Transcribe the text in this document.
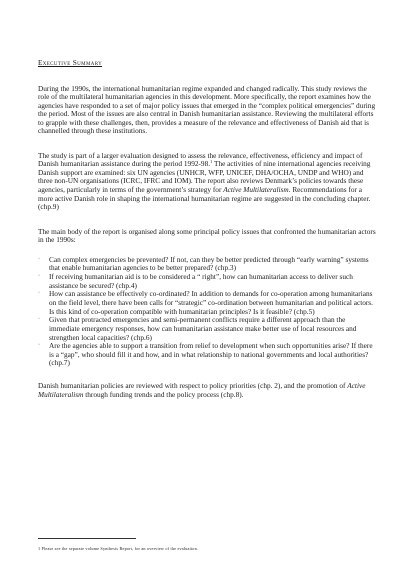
Executive Summary

During the 1990s, the international humanitarian regime expanded and changed radically. This study reviews the role of the multilateral humanitarian agencies in this development. More specifically, the report examines how the agencies have responded to a set of major policy issues that emerged in the “complex political emergencies” during the period. Most of the issues are also central in Danish humanitarian assistance. Reviewing the multilateral efforts to grapple with these challenges, then, provides a measure of the relevance and effectiveness of Danish aid that is channelled through these institutions.

The study is part of a larger evaluation designed to assess the relevance, effectiveness, efficiency and impact of Danish humanitarian assistance during the period 1992-98.$^1$ The activities of nine international agencies receiving Danish support are examined: six UN agencies (UNHCR, WFP, UNICEF, DHA/OCHA, UNDP and WHO) and three non-UN organisations (ICRC, IFRC and IOM). The report also reviews Denmark’s policies towards these agencies, particularly in terms of the government’s strategy for Active Multilateralism. Recommendations for a more active Danish role in shaping the international humanitarian regime are suggested in the concluding chapter. (chp.9)

The main body of the report is organised along some principal policy issues that confronted the humanitarian actors in the 1990s:

· Can complex emergencies be prevented? If not, can they be better predicted through “early warning” systems that enable humanitarian agencies to be better prepared? (chp.3)
· If receiving humanitarian aid is to be considered a “ right”, how can humanitarian access to deliver such assistance be secured? (chp.4)
· How can assistance be effectively co-ordinated? In addition to demands for co-operation among humanitarians on the field level, there have been calls for “strategic” co-ordination between humanitarian and political actors. Is this kind of co-operation compatible with humanitarian principles? Is it feasible? (chp.5)
· Given that protracted emergencies and semi-permanent conflicts require a different approach than the immediate emergency responses, how can humanitarian assistance make better use of local resources and strengthen local capacities? (chp.6)
· Are the agencies able to support a transition from relief to development when such opportunities arise? If there is a “gap”, who should fill it and how, and in what relationship to national governments and local authorities? (chp.7)

Danish humanitarian policies are reviewed with respect to policy priorities (chp. 2), and the promotion of Active Multilateralism through funding trends and the policy process (chp.8).

1 Please see the separate volume Synthesis Report, for an overview of the evaluation.
